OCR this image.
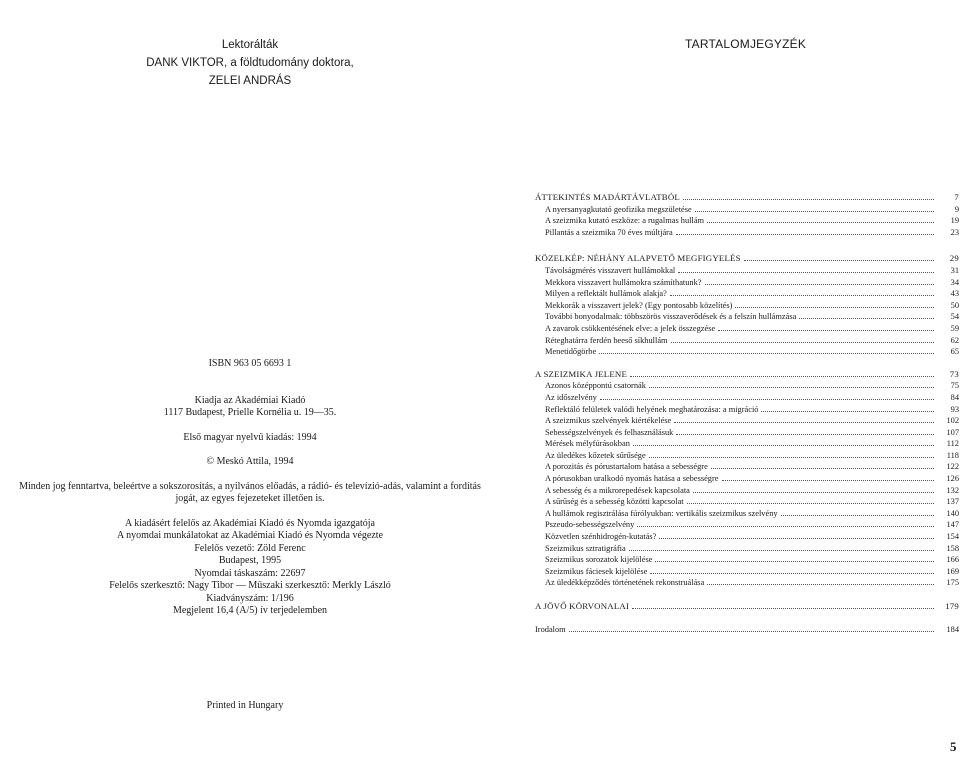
Lektorálták
DANK VIKTOR, a földtudomány doktora,
ZELEI ANDRÁS

ISBN 963 05 6693 1

Kiadja az Akadémiai Kiadó

1117 Budapest, Prielle Kornélia u. 19—35.

Első magyar nyelvű kiadás: 1994

© Meskó Attila, 1994

Minden jog fenntartva, beleértve a sokszorosítás, a nyilvános előadás, a rádió- és televízió-adás, valamint a fordítás jogát, az egyes fejezeteket illetően is.

A kiadásért felelős az Akadémiai Kiadó és Nyomda igazgatója

A nyomdai munkálatokat az Akadémiai Kiadó és Nyomda végezte

Felelős vezető: Zöld Ferenc

Budapest, 1995

Nyomdai táskaszám: 22697

Felelős szerkesztő: Nagy Tibor — Műszaki szerkesztő: Merkly László

Kiadványszám: 1/196

Megjelent 16,4 (A/5) ív terjedelemben

Printed in Hungary
TARTALOMJEGYZÉK
ÁTTEKINTÉS MADÁRTÁVLATBÓL	7
A nyersanyagkutató geofizika megszületése	9
A szeizmika kutató eszköze: a rugalmas hullám	19
Pillantás a szeizmika 70 éves múltjára	23
KÖZELKÉP: NÉHÁNY ALAPVETŐ MEGFIGYELÉS	29
Távolságmérés visszavert hullámokkal	31
Mekkora visszavert hullámokra számíthatunk?	34
Milyen a reflektált hullámok alakja?	43
Mekkorák a visszavert jelek? (Egy pontosabb közelítés)	50
További bonyodalmak: többszörös visszaverődések és a felszín hullámzása	54
A zavarok csökkentésének elve: a jelek összegzése	59
Réteghatárra ferdén beeső síkhullám	62
Menetidőgörbe	65
A SZEIZMIKA JELENE	73
Azonos középpontú csatornák	75
Az időszelvény	84
Reflektáló felületek valódi helyének meghatározása: a migráció	93
A szeizmikus szelvények kiértékelése	102
Sebességszelvények és felhasználásuk	107
Mérések mélyfúrásokban	112
Az üledékes kőzetek sűrűsége	118
A porozitás és pórustartalom hatása a sebességre	122
A pórusokban uralkodó nyomás hatása a sebességre	126
A sebesség és a mikrorepedések kapcsolata	132
A sűrűség és a sebesség közötti kapcsolat	137
A hullámok regisztrálása fúrólyukban: vertikális szeizmikus szelvény	140
Pszeudo-sebességszelvény	147
Közvetlen szénhidrogén-kutatás?	154
Szeizmikus sztratigráfia	158
Szeizmikus sorozatok kijelölése	166
Szeizmikus fáciesek kijelölése	169
Az üledékképződés történetének rekonstruálása	175
A JÖVŐ KÖRVONALAI	179
Irodalom	184
5
